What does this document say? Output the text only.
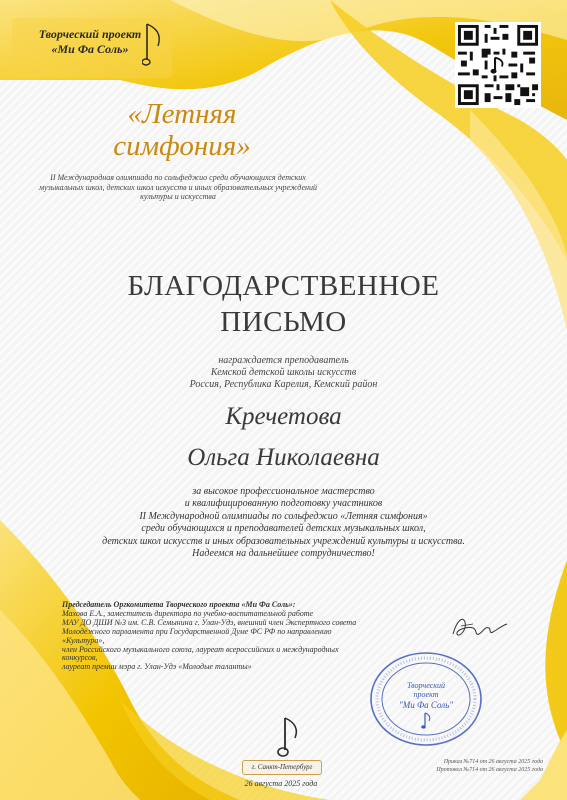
Творческий проект
«Ми Фа Соль»
«Летняя симфония»
II Международная олимпиада по сольфеджио среди обучающихся детских музыкальных школ, детских школ искусств и иных образовательных учреждений культуры и искусства
БЛАГОДАРСТВЕННОЕ
ПИСЬМО
награждается преподаватель
Кемской детской школы искусств
Россия, Республика Карелия, Кемский район
Кречетова
Ольга Николаевна
за высокое профессиональное мастерство
и квалифицированную подготовку участников
II Международной олимпиады по сольфеджио «Летняя симфония»
среди обучающихся и преподавателей детских музыкальных школ,
детских школ искусств и иных образовательных учреждений культуры и искусства.
Надеемся на дальнейшее сотрудничество!
Председатель Оргкомитета Творческого проекта «Ми Фа Соль»:
Махова Е.А., заместитель директора по учебно-воспитательной работе
МАУ ДО ДШИ №3 им. С.В. Семынина г. Улан-Удэ, внешний член Экспертного совета
Молодёжного парламента при Государственной Думе ФС РФ по направлению «Культура»,
член Российского музыкального союза, лауреат всероссийских и международных конкурсов,
лауреат премии мэра г. Улан-Удэ «Молодые таланты»
Творческий
проект
"Ми Фа Соль"
г. Санкт-Петербург
26 августа 2025 года
Приказ №714 от 26 августа 2025 года
Протокол №714 от 26 августа 2025 года
